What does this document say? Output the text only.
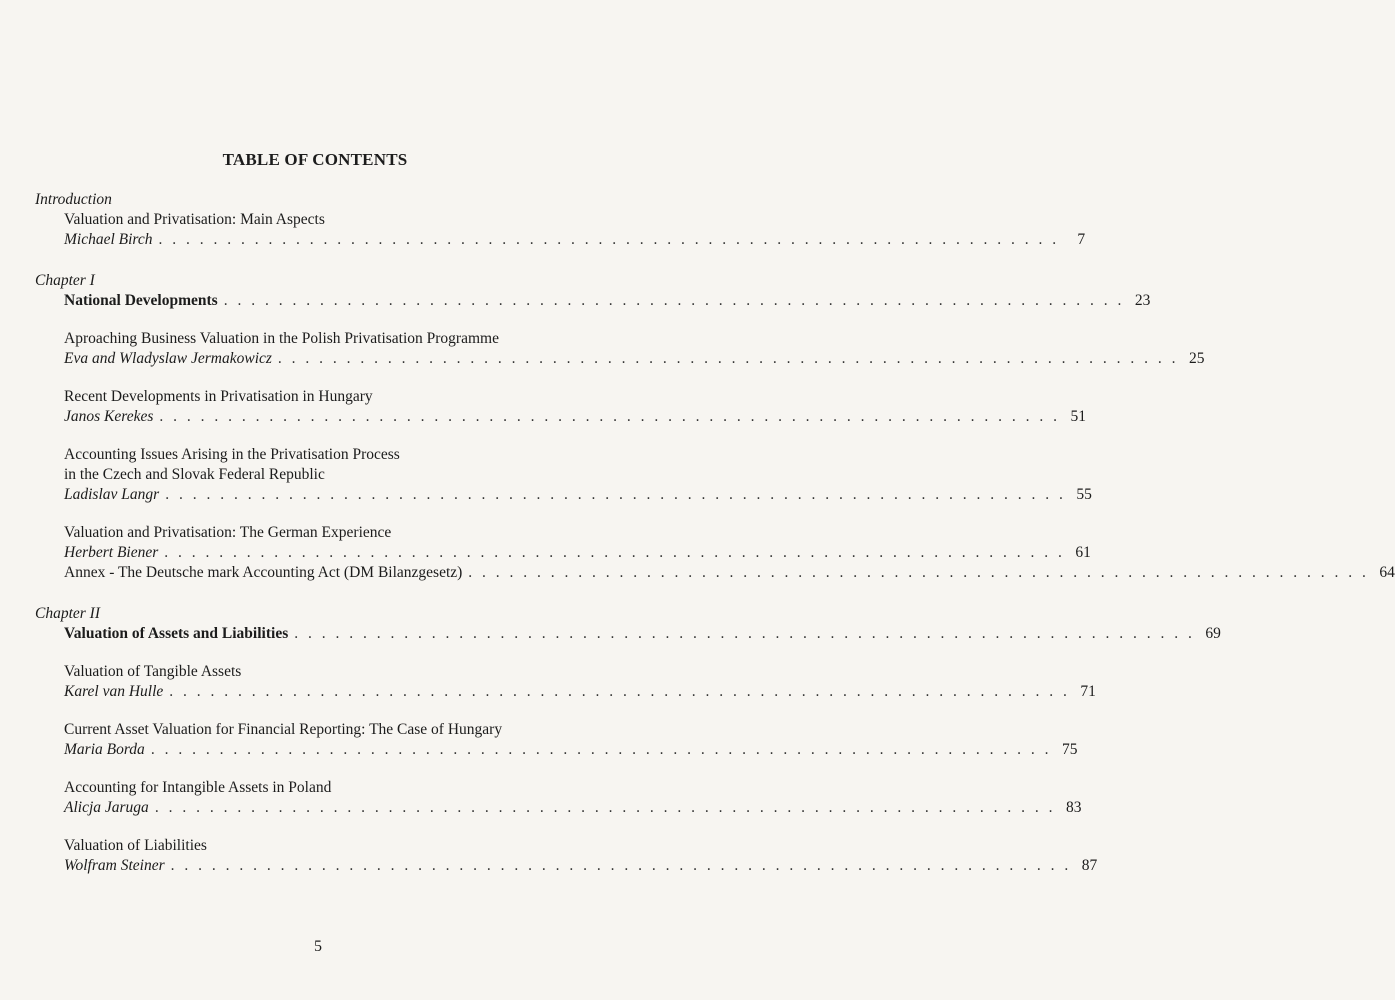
TABLE OF CONTENTS
Introduction
Valuation and Privatisation: Main Aspects
Michael Birch . . . . . . . . . . . . . . . . . . . . . . . . . . . . . . . . . . . . . . . . . . . . . . . . . . . . . . . . . . . . . . . . . .	7
Chapter I
National Developments . . . . . . . . . . . . . . . . . . . . . . . . . . . . . . . . . . . . . . . . . . . . . . . . . . . . . . . . . . . . . . . . . . 23
Aproaching Business Valuation in the Polish Privatisation Programme
Eva and Wladyslaw Jermakowicz . . . . . . . . . . . . . . . . . . . . . . . . . . . . . . . . . . . . . . . . . . . . . . . . . . . . . . . . . . . . . . . . . . 25
Recent Developments in Privatisation in Hungary
Janos Kerekes . . . . . . . . . . . . . . . . . . . . . . . . . . . . . . . . . . . . . . . . . . . . . . . . . . . . . . . . . . . . . . . . . . 51
Accounting Issues Arising in the Privatisation Process
in the Czech and Slovak Federal Republic
Ladislav Langr . . . . . . . . . . . . . . . . . . . . . . . . . . . . . . . . . . . . . . . . . . . . . . . . . . . . . . . . . . . . . . . . . . 55
Valuation and Privatisation: The German Experience
Herbert Biener . . . . . . . . . . . . . . . . . . . . . . . . . . . . . . . . . . . . . . . . . . . . . . . . . . . . . . . . . . . . . . . . . . 61
Annex - The Deutsche mark Accounting Act (DM Bilanzgesetz) . . . . . . . . . . . . . . . . . . . . . . . . . . . . . . . . . . . . . . . . . . . . . . . . . . . . . . . . . . . . . . . . . . 64
Chapter II
Valuation of Assets and Liabilities . . . . . . . . . . . . . . . . . . . . . . . . . . . . . . . . . . . . . . . . . . . . . . . . . . . . . . . . . . . . . . . . . . 69
Valuation of Tangible Assets
Karel van Hulle . . . . . . . . . . . . . . . . . . . . . . . . . . . . . . . . . . . . . . . . . . . . . . . . . . . . . . . . . . . . . . . . . . 71
Current Asset Valuation for Financial Reporting: The Case of Hungary
Maria Borda . . . . . . . . . . . . . . . . . . . . . . . . . . . . . . . . . . . . . . . . . . . . . . . . . . . . . . . . . . . . . . . . . . 75
Accounting for Intangible Assets in Poland
Alicja Jaruga . . . . . . . . . . . . . . . . . . . . . . . . . . . . . . . . . . . . . . . . . . . . . . . . . . . . . . . . . . . . . . . . . . 83
Valuation of Liabilities
Wolfram Steiner . . . . . . . . . . . . . . . . . . . . . . . . . . . . . . . . . . . . . . . . . . . . . . . . . . . . . . . . . . . . . . . . . . 87
5
